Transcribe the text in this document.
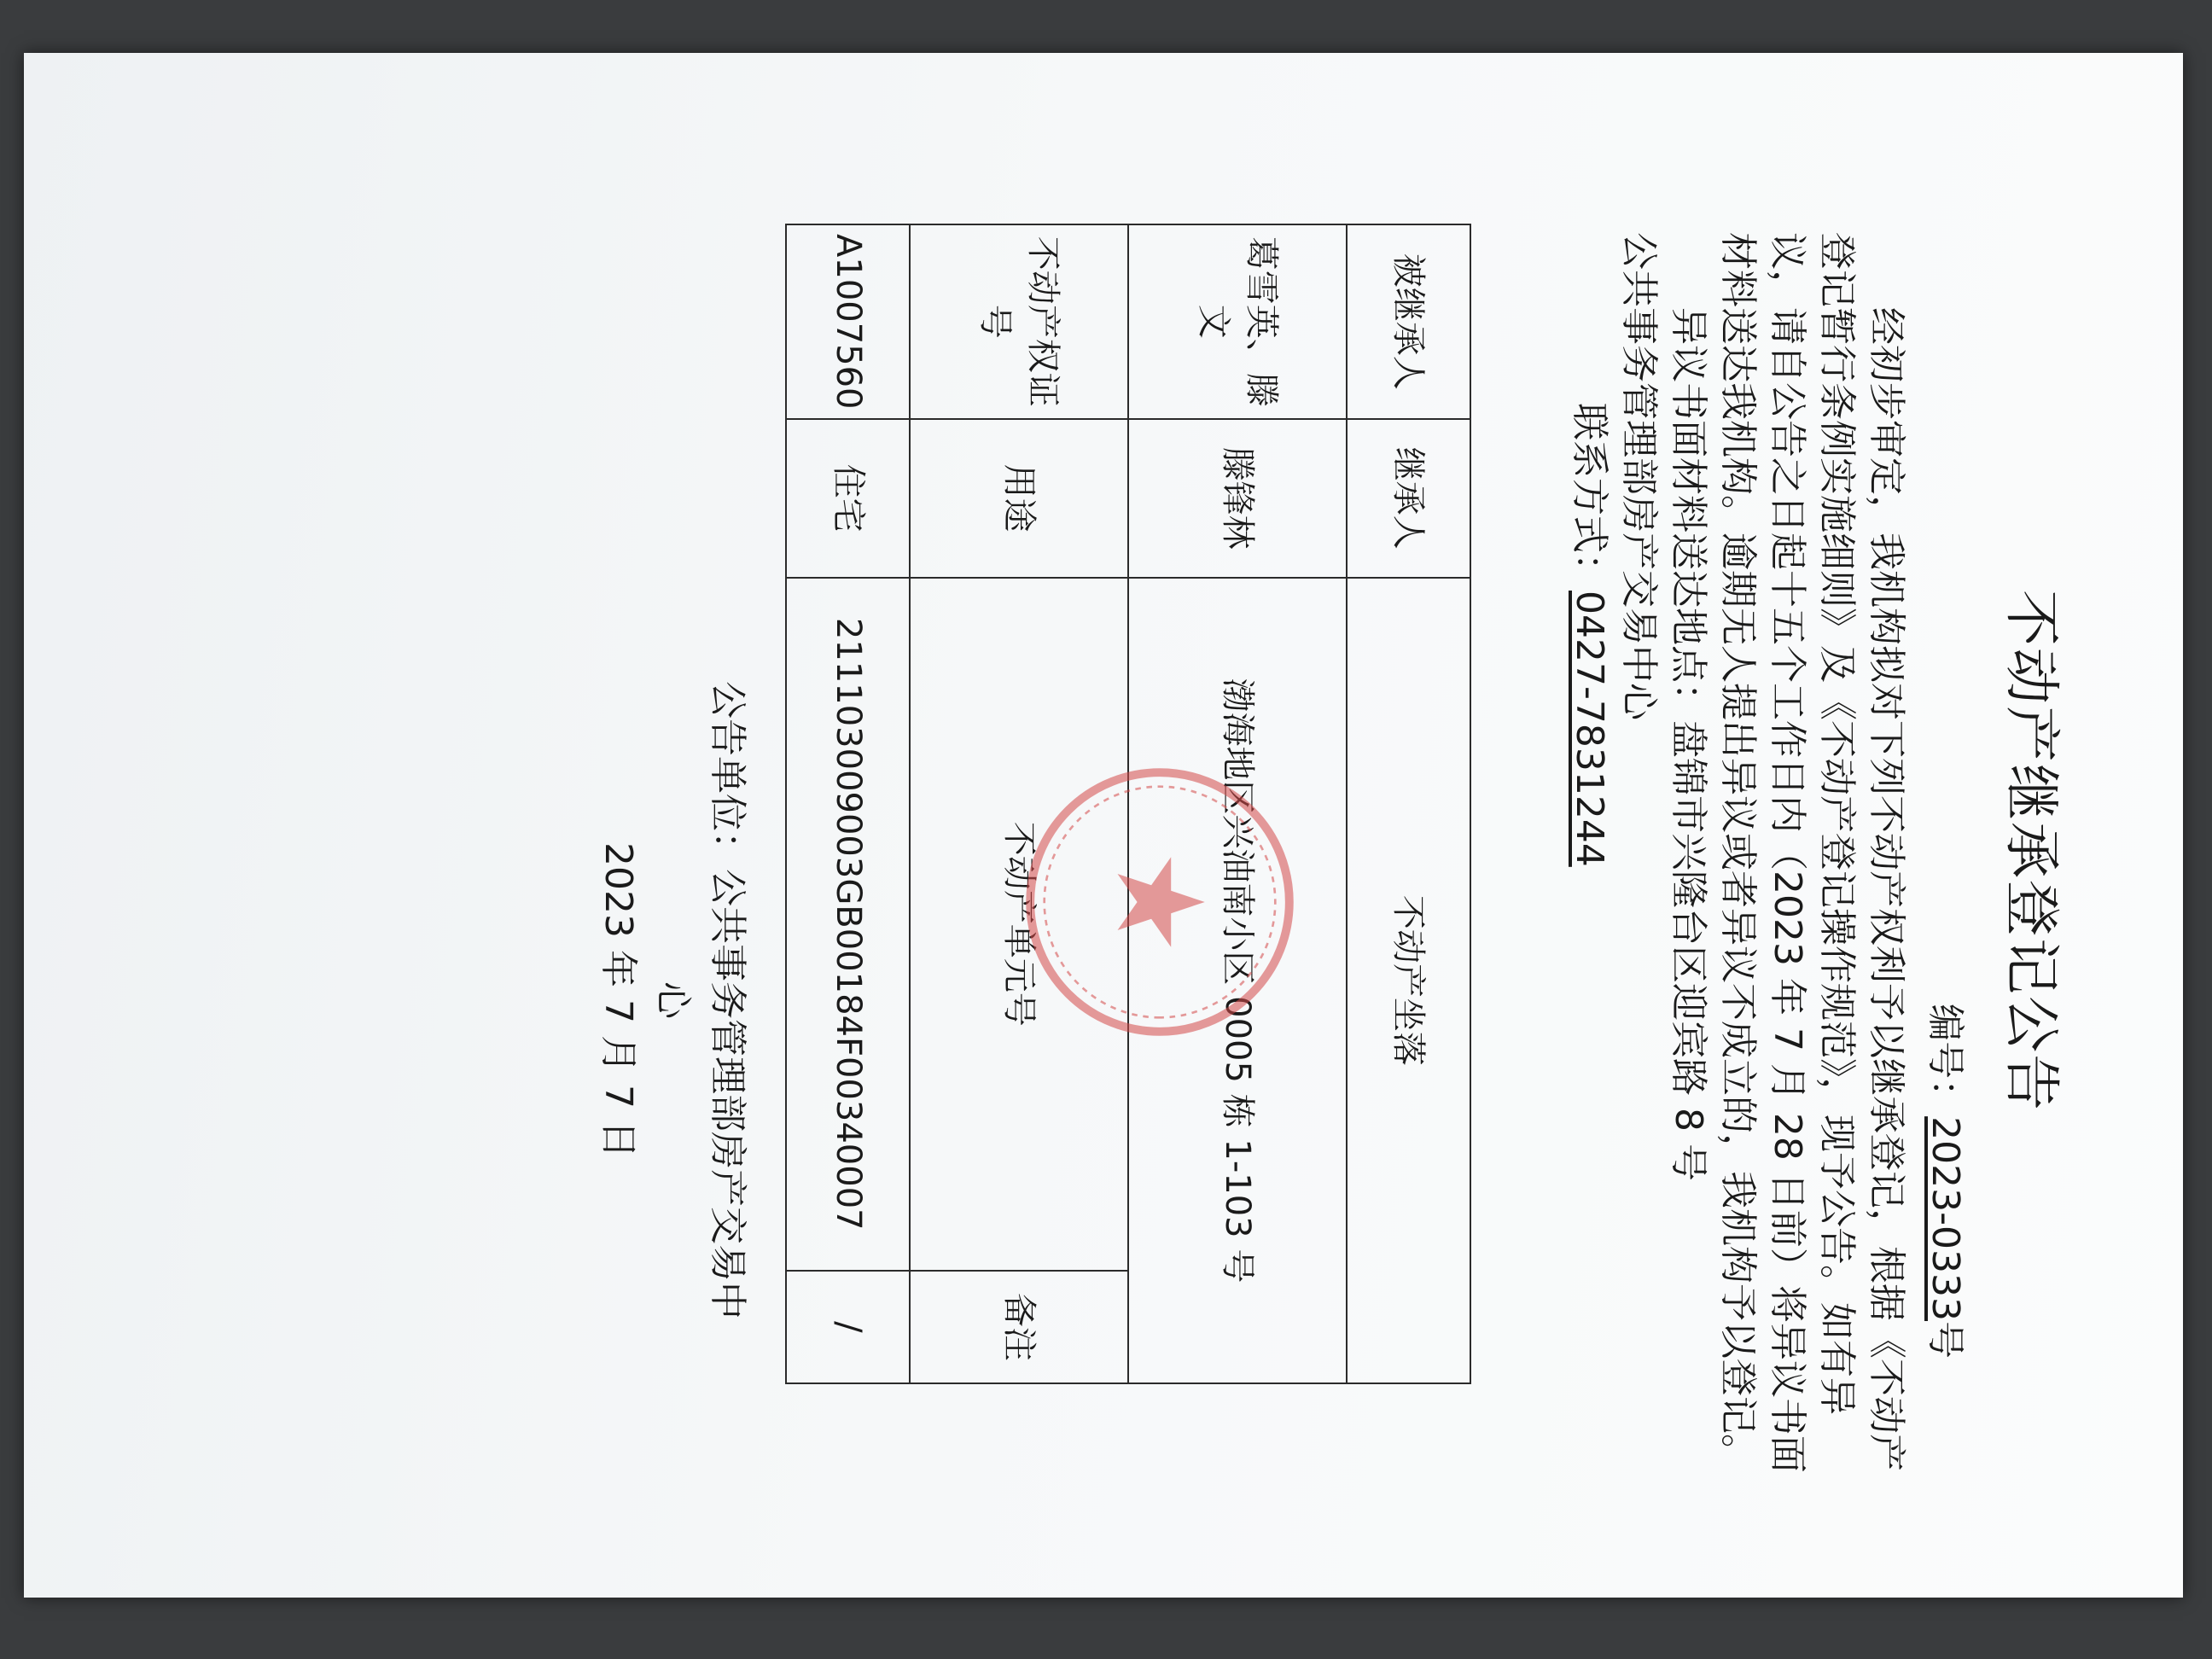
不动产继承登记公告
编号：2023-0333号

经初步审定，我机构拟对下列不动产权利予以继承登记，根据《不动产登记暂行条例实施细则》及《不动产登记操作规范》，现予公告。如有异议，请自公告之日起十五个工作日内（2023 年 7 月 28 日前）将异议书面材料送达我机构。逾期无人提出异议或者异议不成立的，我机构予以登记。

异议书面材料送达地点：盘锦市兴隆台区迎宾路 8 号

公共事务管理部房产交易中心

联系方式：0427-7831244

被继承人	继承人	不动产坐落	
葛雪英、滕文	滕锋林	渤海地区兴油南小区 0005 栋 1-103 号	
不动产权证号	用途	不动产单元号	备注
A1007560	住宅	211103009003GB00184F00340007	/
公告单位：公共事务管理部房产交易中心
2023 年 7 月 7 日
